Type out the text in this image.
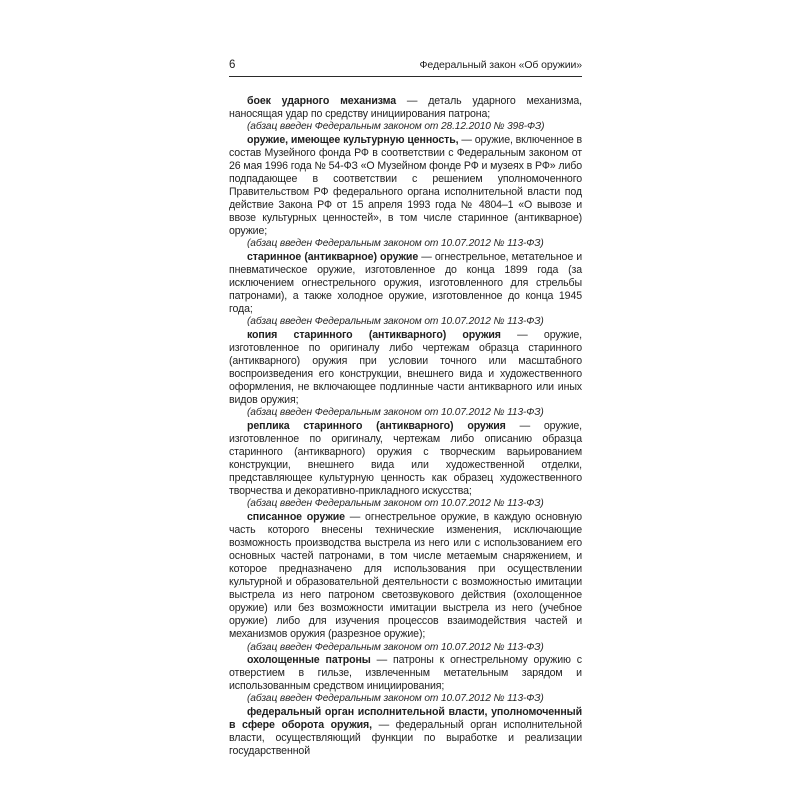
6	Федеральный закон «Об оружии»

боек ударного механизма — деталь ударного механизма, наносящая удар по средству инициирования патрона;

(абзац введен Федеральным законом от 28.12.2010 № 398-ФЗ)

оружие, имеющее культурную ценность, — оружие, включенное в состав Музейного фонда РФ в соответствии с Федеральным законом от 26 мая 1996 года № 54-ФЗ «О Музейном фонде РФ и музеях в РФ» либо подпадающее в соответствии с решением уполномоченного Правительством РФ федерального органа исполнительной власти под действие Закона РФ от 15 апреля 1993 года № 4804–1 «О вывозе и ввозе культурных ценностей», в том числе старинное (антикварное) оружие;

(абзац введен Федеральным законом от 10.07.2012 № 113-ФЗ)

старинное (антикварное) оружие — огнестрельное, метательное и пневматическое оружие, изготовленное до конца 1899 года (за исключением огнестрельного оружия, изготовленного для стрельбы патронами), а также холодное оружие, изготовленное до конца 1945 года;

(абзац введен Федеральным законом от 10.07.2012 № 113-ФЗ)

копия старинного (антикварного) оружия — оружие, изготовленное по оригиналу либо чертежам образца старинного (антикварного) оружия при условии точного или масштабного воспроизведения его конструкции, внешнего вида и художественного оформления, не включающее подлинные части антикварного или иных видов оружия;

(абзац введен Федеральным законом от 10.07.2012 № 113-ФЗ)

реплика старинного (антикварного) оружия — оружие, изготовленное по оригиналу, чертежам либо описанию образца старинного (антикварного) оружия с творческим варьированием конструкции, внешнего вида или художественной отделки, представляющее культурную ценность как образец художественного творчества и декоративно-прикладного искусства;

(абзац введен Федеральным законом от 10.07.2012 № 113-ФЗ)

списанное оружие — огнестрельное оружие, в каждую основную часть которого внесены технические изменения, исключающие возможность производства выстрела из него или с использованием его основных частей патронами, в том числе метаемым снаряжением, и которое предназначено для использования при осуществлении культурной и образовательной деятельности с возможностью имитации выстрела из него патроном светозвукового действия (охолощенное оружие) или без возможности имитации выстрела из него (учебное оружие) либо для изучения процессов взаимодействия частей и механизмов оружия (разрезное оружие);

(абзац введен Федеральным законом от 10.07.2012 № 113-ФЗ)

охолощенные патроны — патроны к огнестрельному оружию с отверстием в гильзе, извлеченным метательным зарядом и использованным средством инициирования;

(абзац введен Федеральным законом от 10.07.2012 № 113-ФЗ)

федеральный орган исполнительной власти, уполномоченный в сфере оборота оружия, — федеральный орган исполнительной власти, осуществляющий функции по выработке и реализации государственной
